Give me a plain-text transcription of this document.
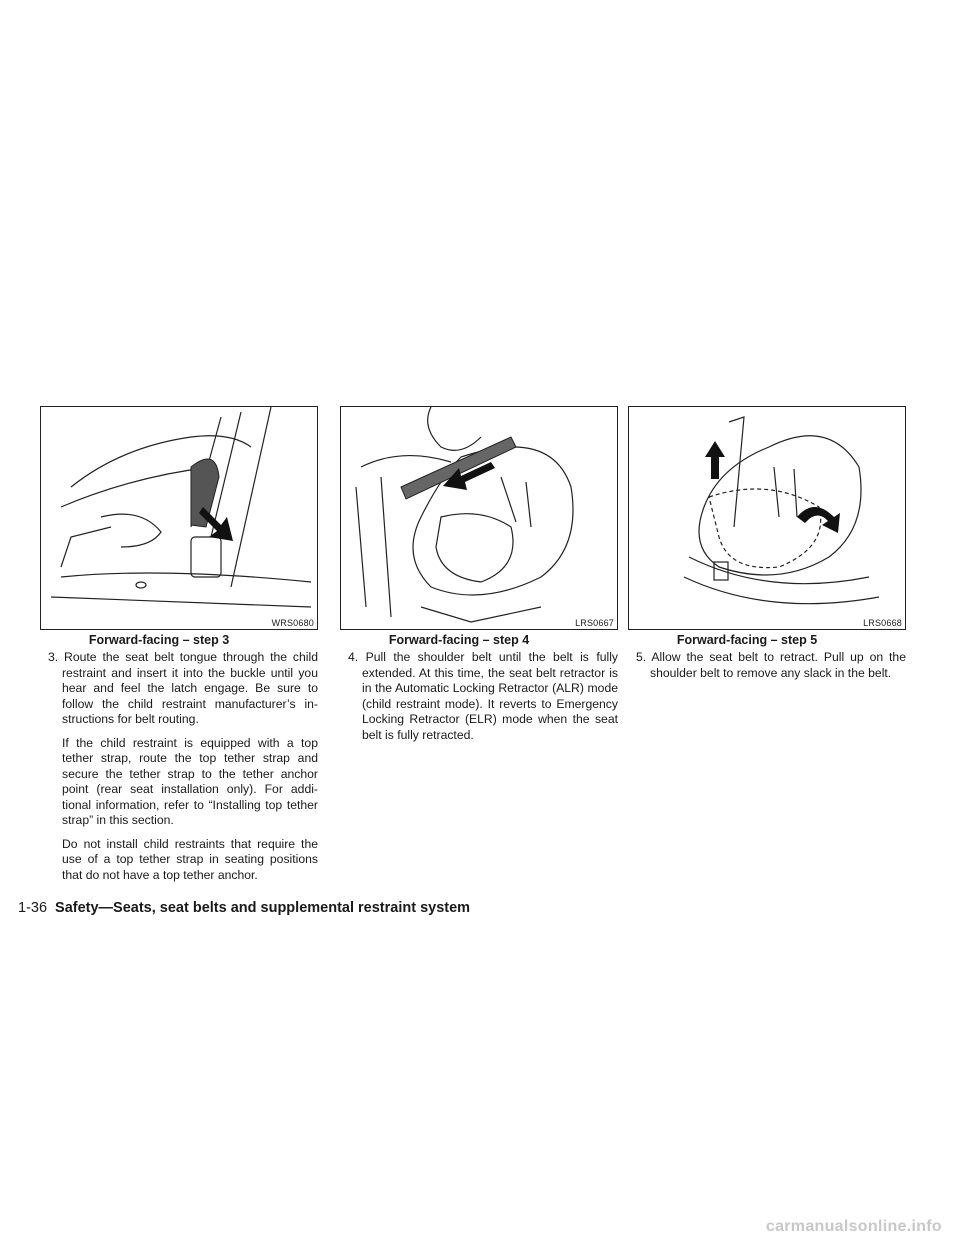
WRS0680
Forward-facing – step 3

3. Route the seat belt tongue through the child restraint and insert it into the buckle until you hear and feel the latch engage. Be sure to follow the child restraint manufacturer’s in-structions for belt routing.

If the child restraint is equipped with a top tether strap, route the top tether strap and secure the tether strap to the tether anchor point (rear seat installation only). For addi-tional information, refer to “Installing top tether strap” in this section.

Do not install child restraints that require the use of a top tether strap in seating positions that do not have a top tether anchor.

LRS0667
Forward-facing – step 4

4. Pull the shoulder belt until the belt is fully extended. At this time, the seat belt retractor is in the Automatic Locking Retractor (ALR) mode (child restraint mode). It reverts to Emergency Locking Retractor (ELR) mode when the seat belt is fully retracted.

LRS0668
Forward-facing – step 5

5. Allow the seat belt to retract. Pull up on the shoulder belt to remove any slack in the belt.

1-36 Safety—Seats, seat belts and supplemental restraint system
carmanualsonline.info
